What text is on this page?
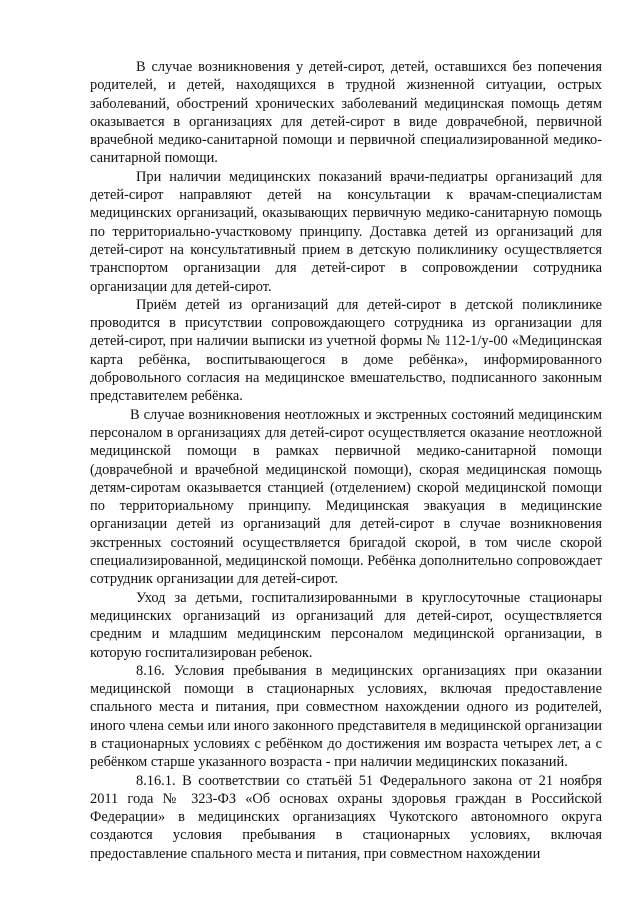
В случае возникновения у детей-сирот, детей, оставшихся без попечения родителей, и детей, находящихся в трудной жизненной ситуации, острых заболеваний, обострений хронических заболеваний медицинская помощь детям оказывается в организациях для детей-сирот в виде доврачебной, первичной врачебной медико-санитарной помощи и первичной специализированной медико-санитарной помощи.

При наличии медицинских показаний врачи-педиатры организаций для детей-сирот направляют детей на консультации к врачам-специалистам медицинских организаций, оказывающих первичную медико-санитарную помощь по территориально-участковому принципу. Доставка детей из организаций для детей-сирот на консультативный прием в детскую поликлинику осуществляется транспортом организации для детей-сирот в сопровождении сотрудника организации для детей-сирот.

Приём детей из организаций для детей-сирот в детской поликлинике проводится в присутствии сопровождающего сотрудника из организации для детей-сирот, при наличии выписки из учетной формы № 112-1/у-00 «Медицинская карта ребёнка, воспитывающегося в доме ребёнка», информированного добровольного согласия на медицинское вмешательство, подписанного законным представителем ребёнка.

В случае возникновения неотложных и экстренных состояний медицинским персоналом в организациях для детей-сирот осуществляется оказание неотложной медицинской помощи в рамках первичной медико-санитарной помощи (доврачебной и врачебной медицинской помощи), скорая медицинская помощь детям-сиротам оказывается станцией (отделением) скорой медицинской помощи по территориальному принципу. Медицинская эвакуация в медицинские организации детей из организаций для детей-сирот в случае возникновения экстренных состояний осуществляется бригадой скорой, в том числе скорой специализированной, медицинской помощи. Ребёнка дополнительно сопровождает сотрудник организации для детей-сирот.

Уход за детьми, госпитализированными в круглосуточные стационары медицинских организаций из организаций для детей-сирот, осуществляется средним и младшим медицинским персоналом медицинской организации, в которую госпитализирован ребенок.

8.16. Условия пребывания в медицинских организациях при оказании медицинской помощи в стационарных условиях, включая предоставление спального места и питания, при совместном нахождении одного из родителей, иного члена семьи или иного законного представителя в медицинской организации в стационарных условиях с ребёнком до достижения им возраста четырех лет, а с ребёнком старше указанного возраста - при наличии медицинских показаний.

8.16.1. В соответствии со статьёй 51 Федерального закона от 21 ноября 2011 года № 323-ФЗ «Об основах охраны здоровья граждан в Российской Федерации» в медицинских организациях Чукотского автономного округа создаются условия пребывания в стационарных условиях, включая предоставление спального места и питания, при совместном нахождении
